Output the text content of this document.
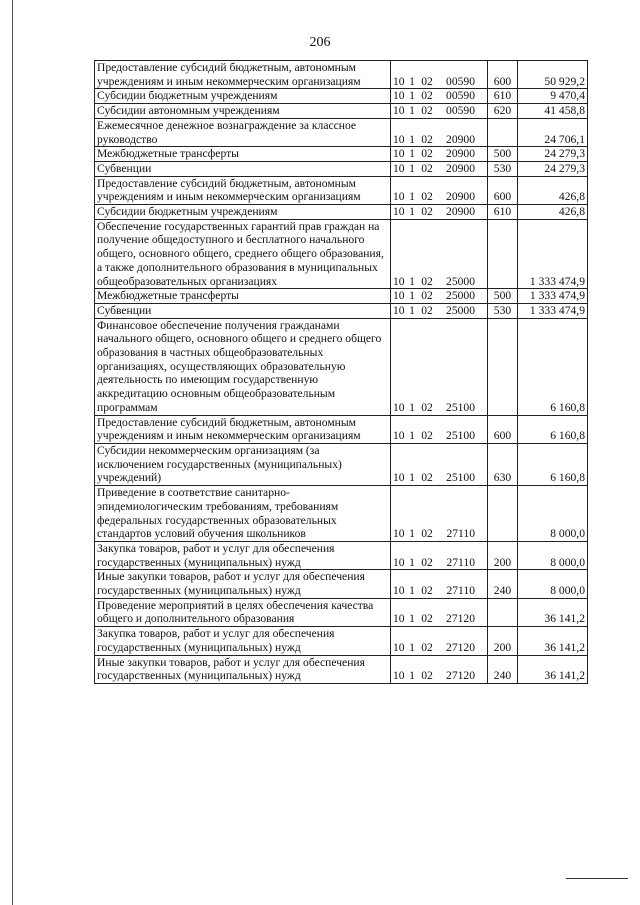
206
Предоставление субсидий бюджетным, автономным учреждениям и иным некоммерческим организациям	10 1 02 00590	600	50 929,2
Субсидии бюджетным учреждениям	10 1 02 00590	610	9 470,4
Субсидии автономным учреждениям	10 1 02 00590	620	41 458,8
Ежемесячное денежное вознаграждение за классное руководство	10 1 02 20900		24 706,1
Межбюджетные трансферты	10 1 02 20900	500	24 279,3
Субвенции	10 1 02 20900	530	24 279,3
Предоставление субсидий бюджетным, автономным учреждениям и иным некоммерческим организациям	10 1 02 20900	600	426,8
Субсидии бюджетным учреждениям	10 1 02 20900	610	426,8
Обеспечение государственных гарантий прав граждан на получение общедоступного и бесплатного начального общего, основного общего, среднего общего образования, а также дополнительного образования в муниципальных общеобразовательных организациях	10 1 02 25000		1 333 474,9
Межбюджетные трансферты	10 1 02 25000	500	1 333 474,9
Субвенции	10 1 02 25000	530	1 333 474,9
Финансовое обеспечение получения гражданами начального общего, основного общего и среднего общего образования в частных общеобразовательных организациях, осуществляющих образовательную деятельность по имеющим государственную аккредитацию основным общеобразовательным программам	10 1 02 25100		6 160,8
Предоставление субсидий бюджетным, автономным учреждениям и иным некоммерческим организациям	10 1 02 25100	600	6 160,8
Субсидии некоммерческим организациям (за исключением государственных (муниципальных) учреждений)	10 1 02 25100	630	6 160,8
Приведение в соответствие санитарно-эпидемиологическим требованиям, требованиям федеральных государственных образовательных стандартов условий обучения школьников	10 1 02 27110		8 000,0
Закупка товаров, работ и услуг для обеспечения государственных (муниципальных) нужд	10 1 02 27110	200	8 000,0
Иные закупки товаров, работ и услуг для обеспечения государственных (муниципальных) нужд	10 1 02 27110	240	8 000,0
Проведение мероприятий в целях обеспечения качества общего и дополнительного образования	10 1 02 27120		36 141,2
Закупка товаров, работ и услуг для обеспечения государственных (муниципальных) нужд	10 1 02 27120	200	36 141,2
Иные закупки товаров, работ и услуг для обеспечения государственных (муниципальных) нужд	10 1 02 27120	240	36 141,2
